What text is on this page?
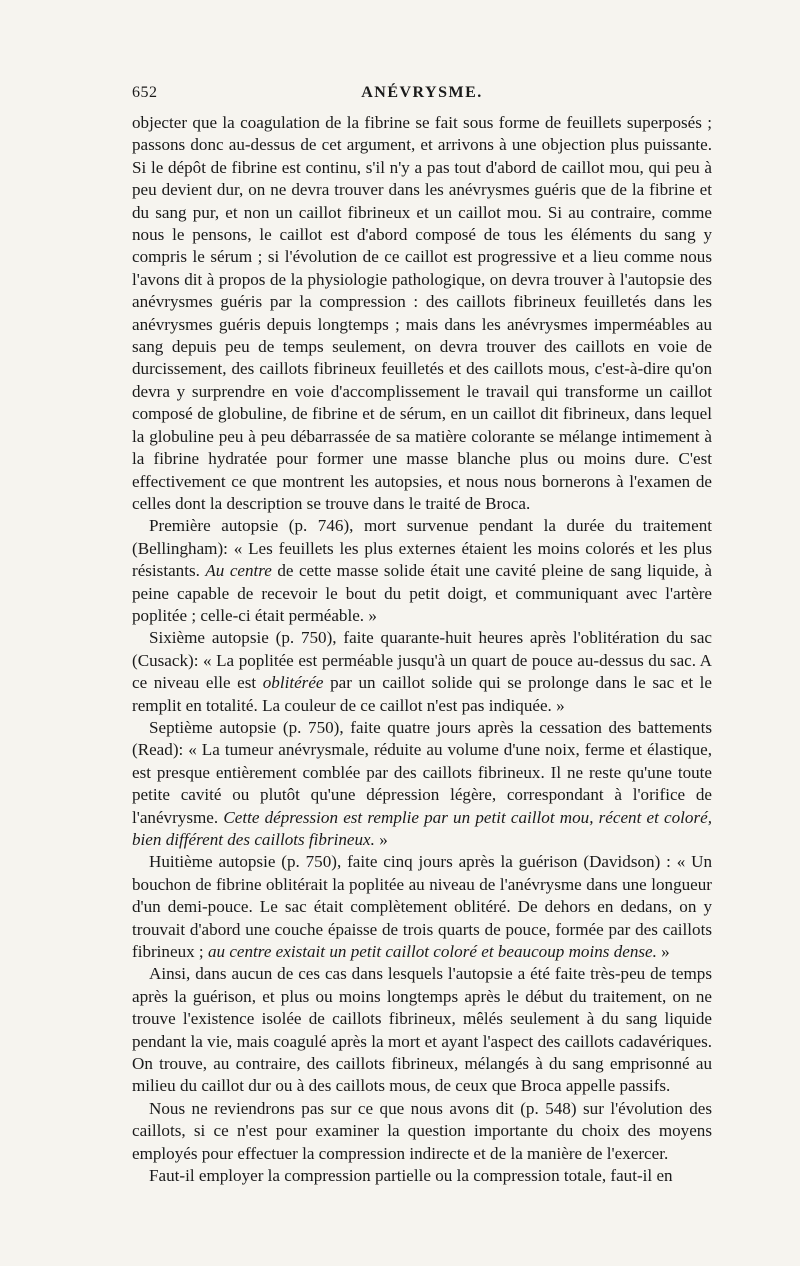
652	ANÉVRYSME.

objecter que la coagulation de la fibrine se fait sous forme de feuillets superposés ; passons donc au-dessus de cet argument, et arrivons à une objection plus puissante. Si le dépôt de fibrine est continu, s'il n'y a pas tout d'abord de caillot mou, qui peu à peu devient dur, on ne devra trouver dans les anévrysmes guéris que de la fibrine et du sang pur, et non un caillot fibrineux et un caillot mou. Si au contraire, comme nous le pensons, le caillot est d'abord composé de tous les éléments du sang y compris le sérum ; si l'évolution de ce caillot est progressive et a lieu comme nous l'avons dit à propos de la physiologie pathologique, on devra trouver à l'autopsie des anévrysmes guéris par la compression : des caillots fibrineux feuilletés dans les anévrysmes guéris depuis longtemps ; mais dans les anévrysmes imperméables au sang depuis peu de temps seulement, on devra trouver des caillots en voie de durcissement, des caillots fibrineux feuilletés et des caillots mous, c'est-à-dire qu'on devra y surprendre en voie d'accomplissement le travail qui transforme un caillot composé de globuline, de fibrine et de sérum, en un caillot dit fibrineux, dans lequel la globuline peu à peu débarrassée de sa matière colorante se mélange intimement à la fibrine hydratée pour former une masse blanche plus ou moins dure. C'est effectivement ce que montrent les autopsies, et nous nous bornerons à l'examen de celles dont la description se trouve dans le traité de Broca.

Première autopsie (p. 746), mort survenue pendant la durée du traitement (Bellingham): « Les feuillets les plus externes étaient les moins colorés et les plus résistants. Au centre de cette masse solide était une cavité pleine de sang liquide, à peine capable de recevoir le bout du petit doigt, et communiquant avec l'artère poplitée ; celle-ci était perméable. »

Sixième autopsie (p. 750), faite quarante-huit heures après l'oblitération du sac (Cusack): « La poplitée est perméable jusqu'à un quart de pouce au-dessus du sac. A ce niveau elle est oblitérée par un caillot solide qui se prolonge dans le sac et le remplit en totalité. La couleur de ce caillot n'est pas indiquée. »

Septième autopsie (p. 750), faite quatre jours après la cessation des battements (Read): « La tumeur anévrysmale, réduite au volume d'une noix, ferme et élastique, est presque entièrement comblée par des caillots fibrineux. Il ne reste qu'une toute petite cavité ou plutôt qu'une dépression légère, correspondant à l'orifice de l'anévrysme. Cette dépression est remplie par un petit caillot mou, récent et coloré, bien différent des caillots fibrineux. »

Huitième autopsie (p. 750), faite cinq jours après la guérison (Davidson) : « Un bouchon de fibrine oblitérait la poplitée au niveau de l'anévrysme dans une longueur d'un demi-pouce. Le sac était complètement oblitéré. De dehors en dedans, on y trouvait d'abord une couche épaisse de trois quarts de pouce, formée par des caillots fibrineux ; au centre existait un petit caillot coloré et beaucoup moins dense. »

Ainsi, dans aucun de ces cas dans lesquels l'autopsie a été faite très-peu de temps après la guérison, et plus ou moins longtemps après le début du traitement, on ne trouve l'existence isolée de caillots fibrineux, mêlés seulement à du sang liquide pendant la vie, mais coagulé après la mort et ayant l'aspect des caillots cadavériques. On trouve, au contraire, des caillots fibrineux, mélangés à du sang emprisonné au milieu du caillot dur ou à des caillots mous, de ceux que Broca appelle passifs.

Nous ne reviendrons pas sur ce que nous avons dit (p. 548) sur l'évolution des caillots, si ce n'est pour examiner la question importante du choix des moyens employés pour effectuer la compression indirecte et de la manière de l'exercer.

Faut-il employer la compression partielle ou la compression totale, faut-il en
